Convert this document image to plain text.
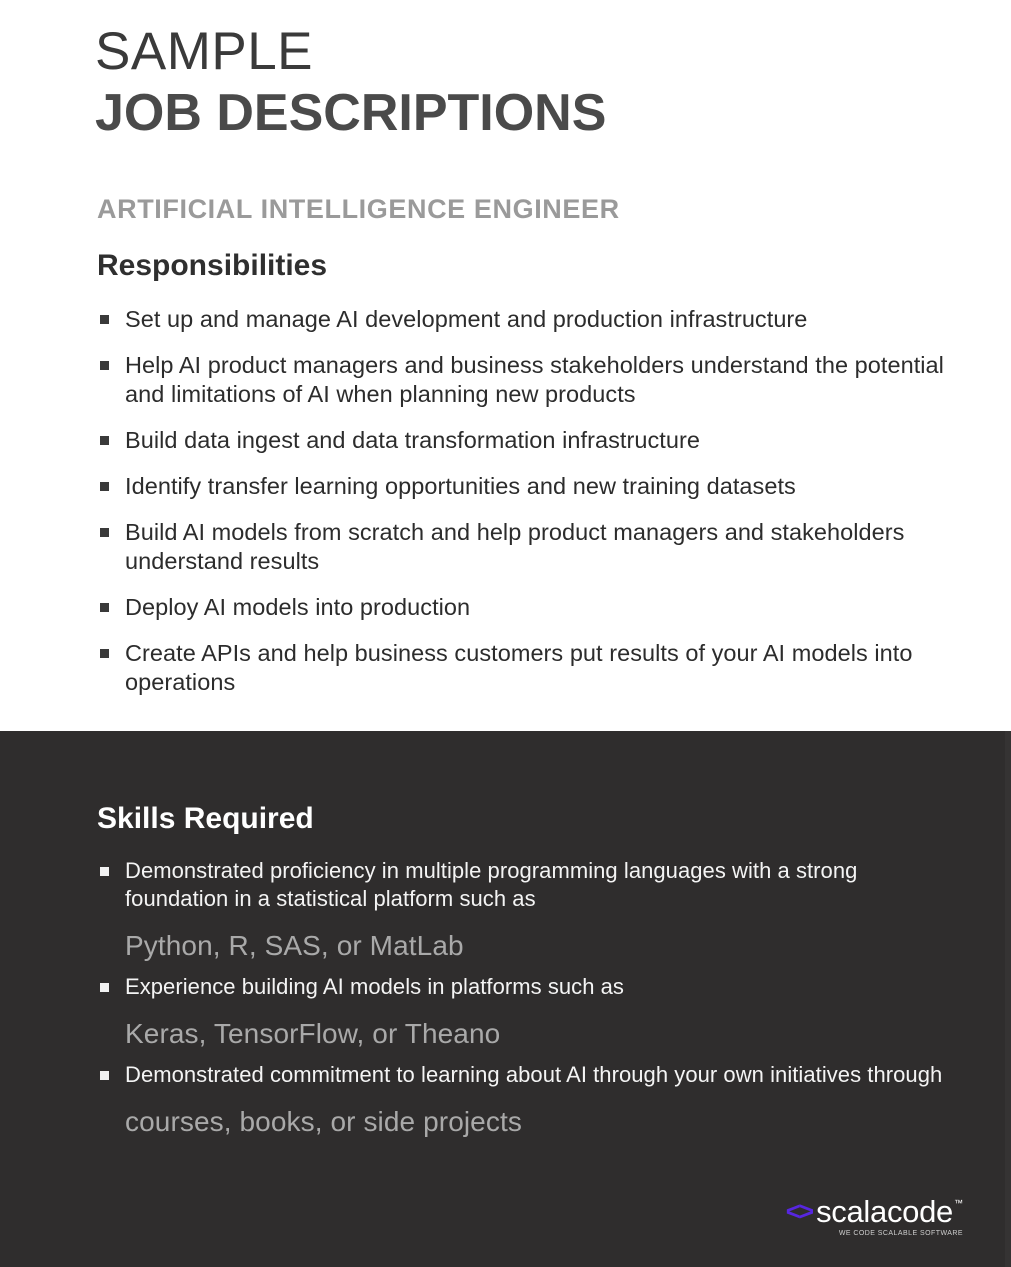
SAMPLE
JOB DESCRIPTIONS
ARTIFICIAL INTELLIGENCE ENGINEER
Responsibilities
Set up and manage AI development and production infrastructure
Help AI product managers and business stakeholders understand the potential and limitations of AI when planning new products
Build data ingest and data transformation infrastructure
Identify transfer learning opportunities and new training datasets
Build AI models from scratch and help product managers and stakeholders understand results
Deploy AI models into production
Create APIs and help business customers put results of your AI models into operations
Skills Required
Demonstrated proficiency in multiple programming languages with a strong foundation in a statistical platform such as
Python, R, SAS, or MatLab
Experience building AI models in platforms such as
Keras, TensorFlow, or Theano
Demonstrated commitment to learning about AI through your own initiatives through
courses, books, or side projects
<> scalacode ™
WE CODE SCALABLE SOFTWARE
